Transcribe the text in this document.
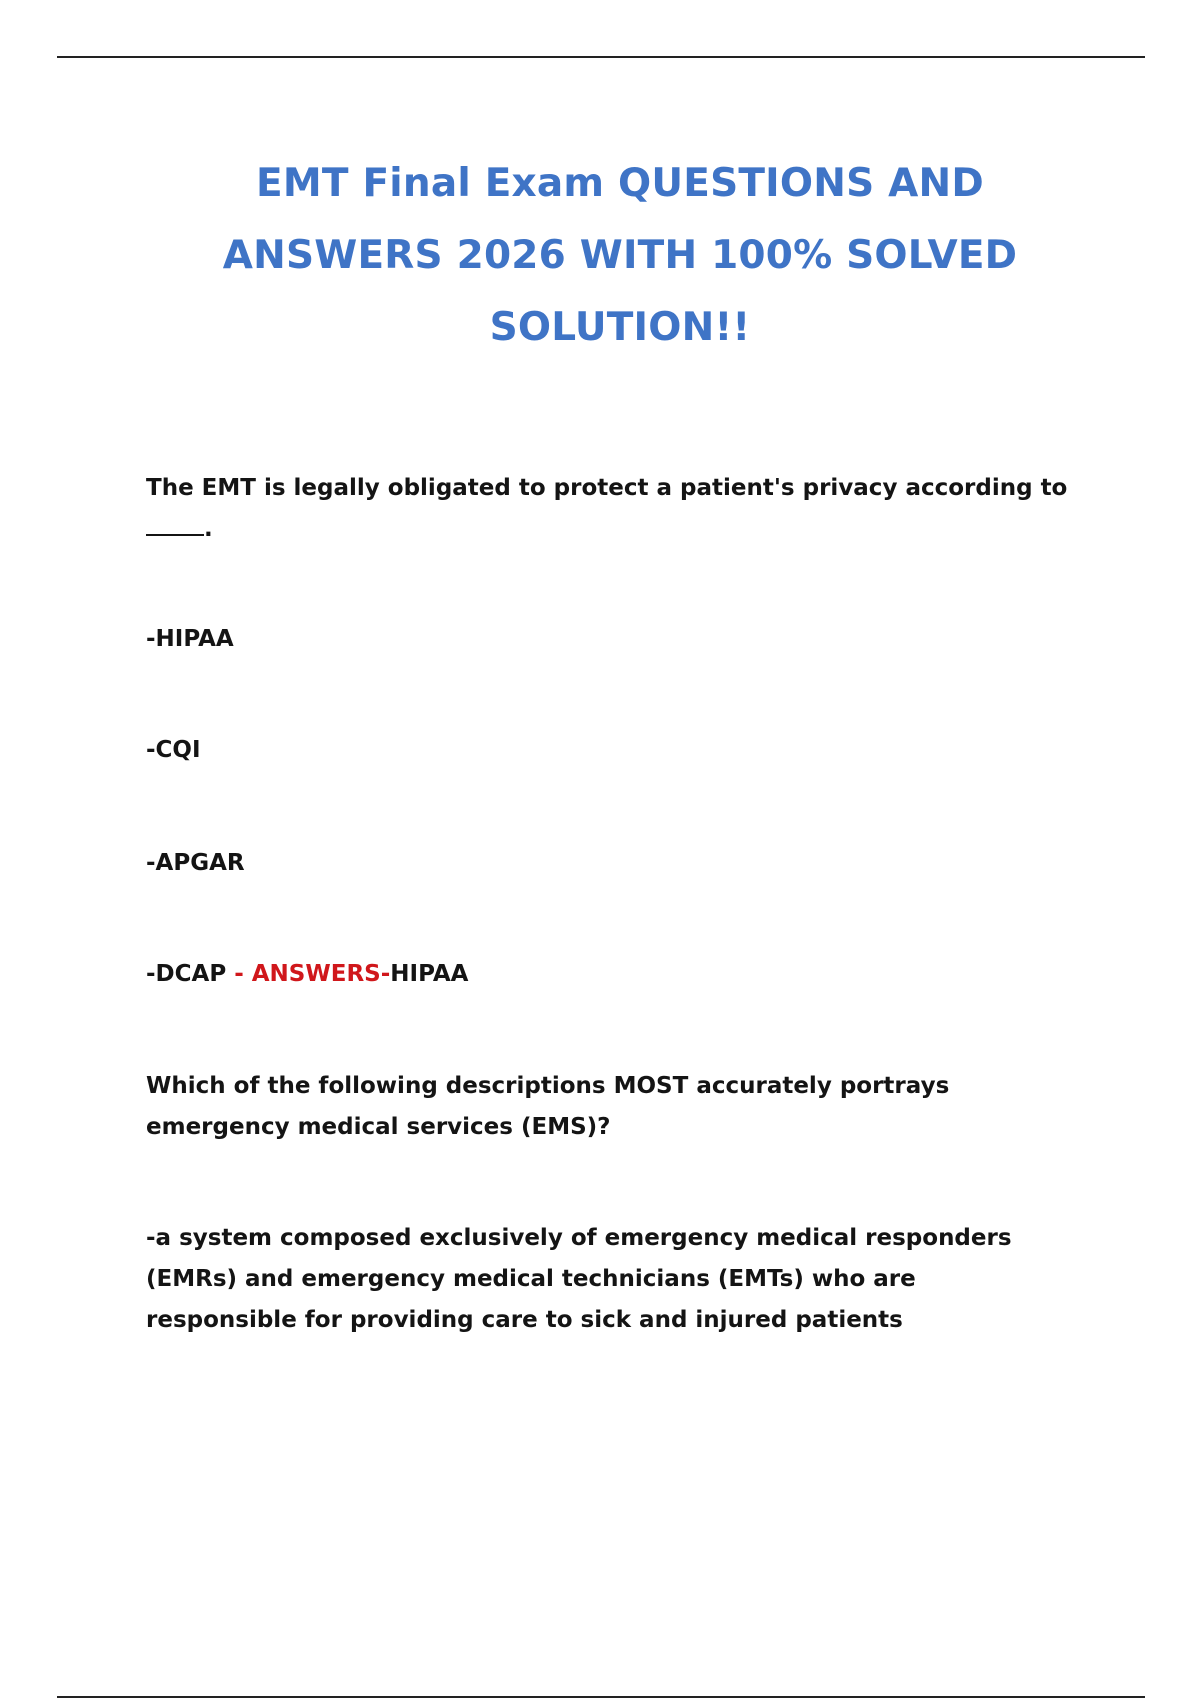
EMT Final Exam QUESTIONS AND ANSWERS 2026 WITH 100% SOLVED SOLUTION!!

The EMT is legally obligated to protect a patient's privacy according to .

-HIPAA

-CQI

-APGAR

-DCAP - ANSWERS-HIPAA

Which of the following descriptions MOST accurately portrays emergency medical services (EMS)?

-a system composed exclusively of emergency medical responders (EMRs) and emergency medical technicians (EMTs) who are responsible for providing care to sick and injured patients
